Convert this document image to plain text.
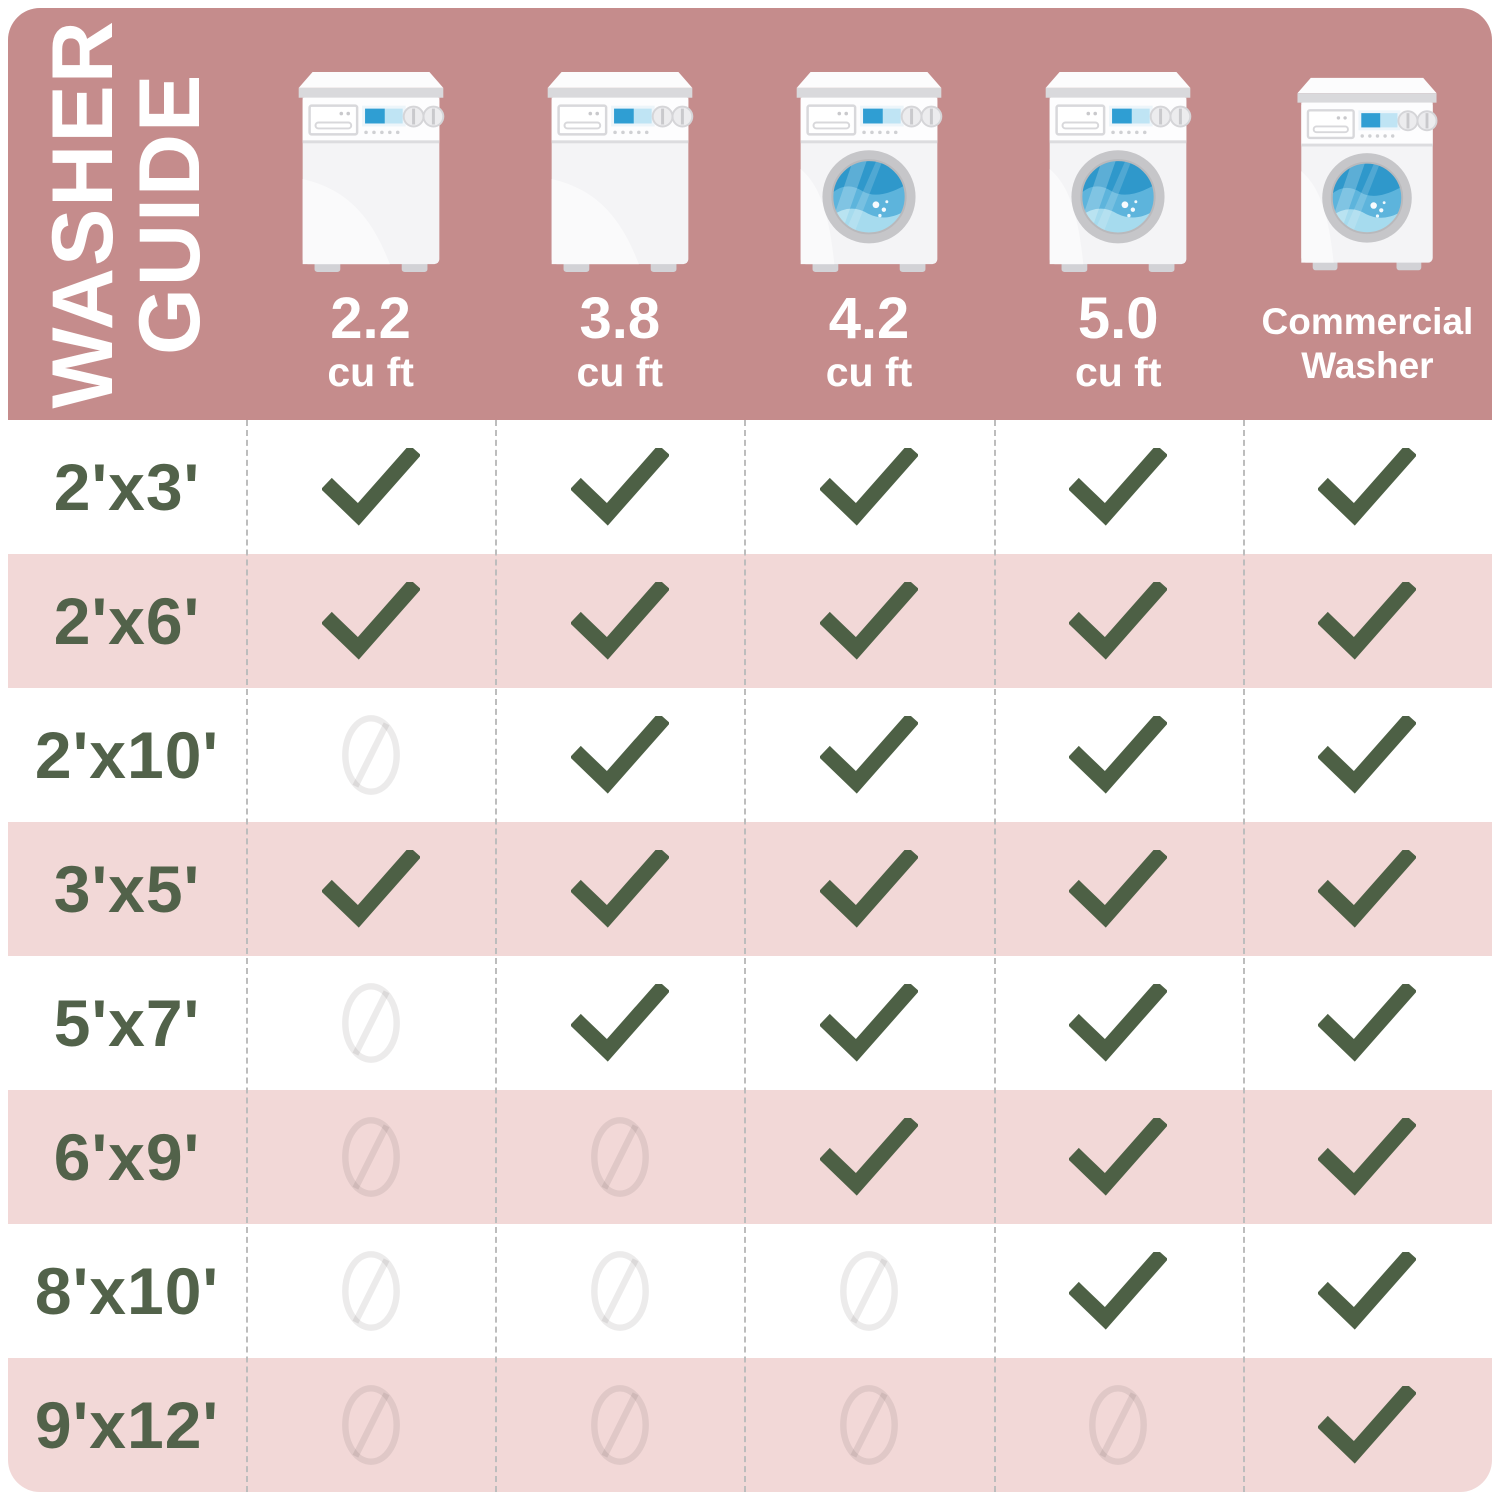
WASHER
GUIDE 2.2
cu ft
3.8
cu ft
4.2
cu ft
5.0
cu ft
Commercial
Washer
2'x3'
2'x6'
2'x10'
3'x5'
5'x7'
6'x9'
8'x10'
9'x12'
